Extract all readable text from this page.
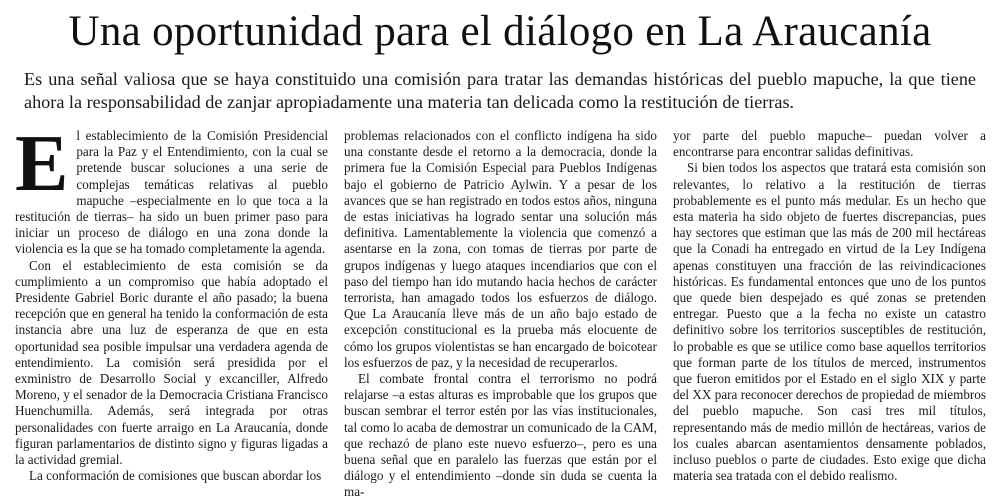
Una oportunidad para el diálogo en La Araucanía

Es una señal valiosa que se haya constituido una comisión para tratar las demandas históricas del pueblo mapuche, la que tiene ahora la responsabilidad de zanjar apropiadamente una materia tan delicada como la restitución de tierras.

El establecimiento de la Comisión Presidencial para la Paz y el Entendimiento, con la cual se pretende buscar soluciones a una serie de complejas temáticas relativas al pueblo mapuche –especialmente en lo que toca a la restitución de tierras– ha sido un buen primer paso para iniciar un proceso de diálogo en una zona donde la violencia es la que se ha tomado completamente la agenda.

Con el establecimiento de esta comisión se da cumplimiento a un compromiso que había adoptado el Presidente Gabriel Boric durante el año pasado; la buena recepción que en general ha tenido la conformación de esta instancia abre una luz de esperanza de que en esta oportunidad sea posible impulsar una verdadera agenda de entendimiento. La comisión será presidida por el exministro de Desarrollo Social y excanciller, Alfredo Moreno, y el senador de la Democracia Cristiana Francisco Huenchumilla. Además, será integrada por otras personalidades con fuerte arraigo en La Araucanía, donde figuran parlamentarios de distinto signo y figuras ligadas a la actividad gremial.

La conformación de comisiones que buscan abordar los

problemas relacionados con el conflicto indígena ha sido una constante desde el retorno a la democracia, donde la primera fue la Comisión Especial para Pueblos Indígenas bajo el gobierno de Patricio Aylwin. Y a pesar de los avances que se han registrado en todos estos años, ninguna de estas iniciativas ha logrado sentar una solución más definitiva. Lamentablemente la violencia que comenzó a asentarse en la zona, con tomas de tierras por parte de grupos indígenas y luego ataques incendiarios que con el paso del tiempo han ido mutando hacia hechos de carácter terrorista, han amagado todos los esfuerzos de diálogo. Que La Araucanía lleve más de un año bajo estado de excepción constitucional es la prueba más elocuente de cómo los grupos violentistas se han encargado de boicotear los esfuerzos de paz, y la necesidad de recuperarlos.

El combate frontal contra el terrorismo no podrá relajarse –a estas alturas es improbable que los grupos que buscan sembrar el terror estén por las vías institucionales, tal como lo acaba de demostrar un comunicado de la CAM, que rechazó de plano este nuevo esfuerzo–, pero es una buena señal que en paralelo las fuerzas que están por el diálogo y el entendimiento –donde sin duda se cuenta la ma-

yor parte del pueblo mapuche– puedan volver a encontrarse para encontrar salidas definitivas.

Si bien todos los aspectos que tratará esta comisión son relevantes, lo relativo a la restitución de tierras probablemente es el punto más medular. Es un hecho que esta materia ha sido objeto de fuertes discrepancias, pues hay sectores que estiman que las más de 200 mil hectáreas que la Conadi ha entregado en virtud de la Ley Indígena apenas constituyen una fracción de las reivindicaciones históricas. Es fundamental entonces que uno de los puntos que quede bien despejado es qué zonas se pretenden entregar. Puesto que a la fecha no existe un catastro definitivo sobre los territorios susceptibles de restitución, lo probable es que se utilice como base aquellos territorios que forman parte de los títulos de merced, instrumentos que fueron emitidos por el Estado en el siglo XIX y parte del XX para reconocer derechos de propiedad de miembros del pueblo mapuche. Son casi tres mil títulos, representando más de medio millón de hectáreas, varios de los cuales abarcan asentamientos densamente poblados, incluso pueblos o parte de ciudades. Esto exige que dicha materia sea tratada con el debido realismo.
